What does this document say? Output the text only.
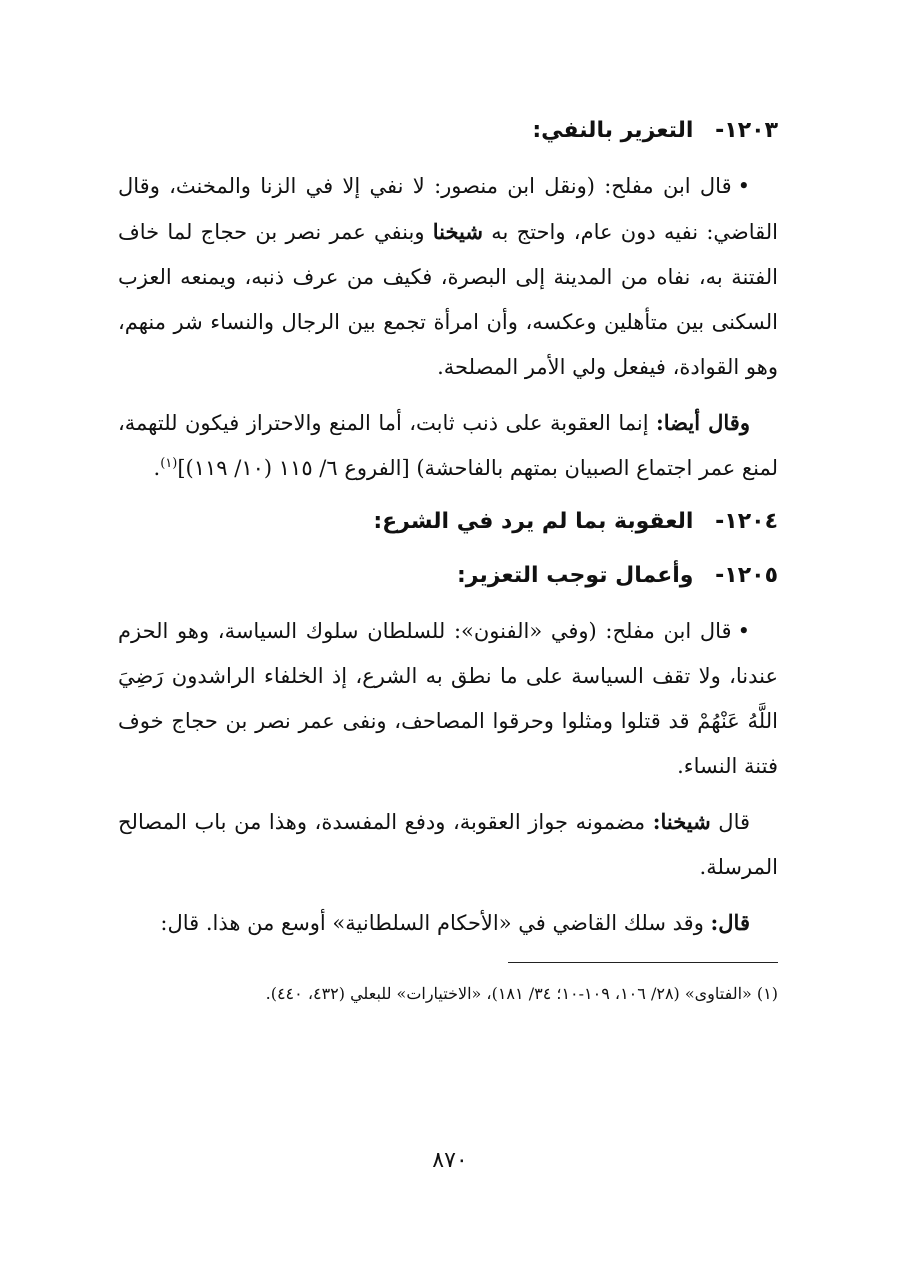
١٢٠٣- التعزير بالنفي:

•قال ابن مفلح: (ونقل ابن منصور: لا نفي إلا في الزنا والمخنث، وقال القاضي: نفيه دون عام، واحتج به شيخنا وبنفي عمر نصر بن حجاج لما خاف الفتنة به، نفاه من المدينة إلى البصرة، فكيف من عرف ذنبه، ويمنعه العزب السكنى بين متأهلين وعكسه، وأن امرأة تجمع بين الرجال والنساء شر منهم، وهو القوادة، فيفعل ولي الأمر المصلحة.

وقال أيضا: إنما العقوبة على ذنب ثابت، أما المنع والاحتراز فيكون للتهمة، لمنع عمر اجتماع الصبيان بمتهم بالفاحشة) [الفروع ٦/ ١١٥ (١٠/ ١١٩)]$^{(١)}$.

١٢٠٤- العقوبة بما لم يرد في الشرع:
١٢٠٥- وأعمال توجب التعزير:

•قال ابن مفلح: (وفي «الفنون»: للسلطان سلوك السياسة، وهو الحزم عندنا، ولا تقف السياسة على ما نطق به الشرع، إذ الخلفاء الراشدون رَضِيَ اللَّهُ عَنْهُمْ قد قتلوا ومثلوا وحرقوا المصاحف، ونفى عمر نصر بن حجاج خوف فتنة النساء.

قال شيخنا: مضمونه جواز العقوبة، ودفع المفسدة، وهذا من باب المصالح المرسلة.

قال: وقد سلك القاضي في «الأحكام السلطانية» أوسع من هذا. قال:

(١) «الفتاوى» (٢٨/ ١٠٦، ١٠٩-١٠؛ ٣٤/ ١٨١)، «الاختيارات» للبعلي (٤٣٢، ٤٤٠).

٨٧٠
